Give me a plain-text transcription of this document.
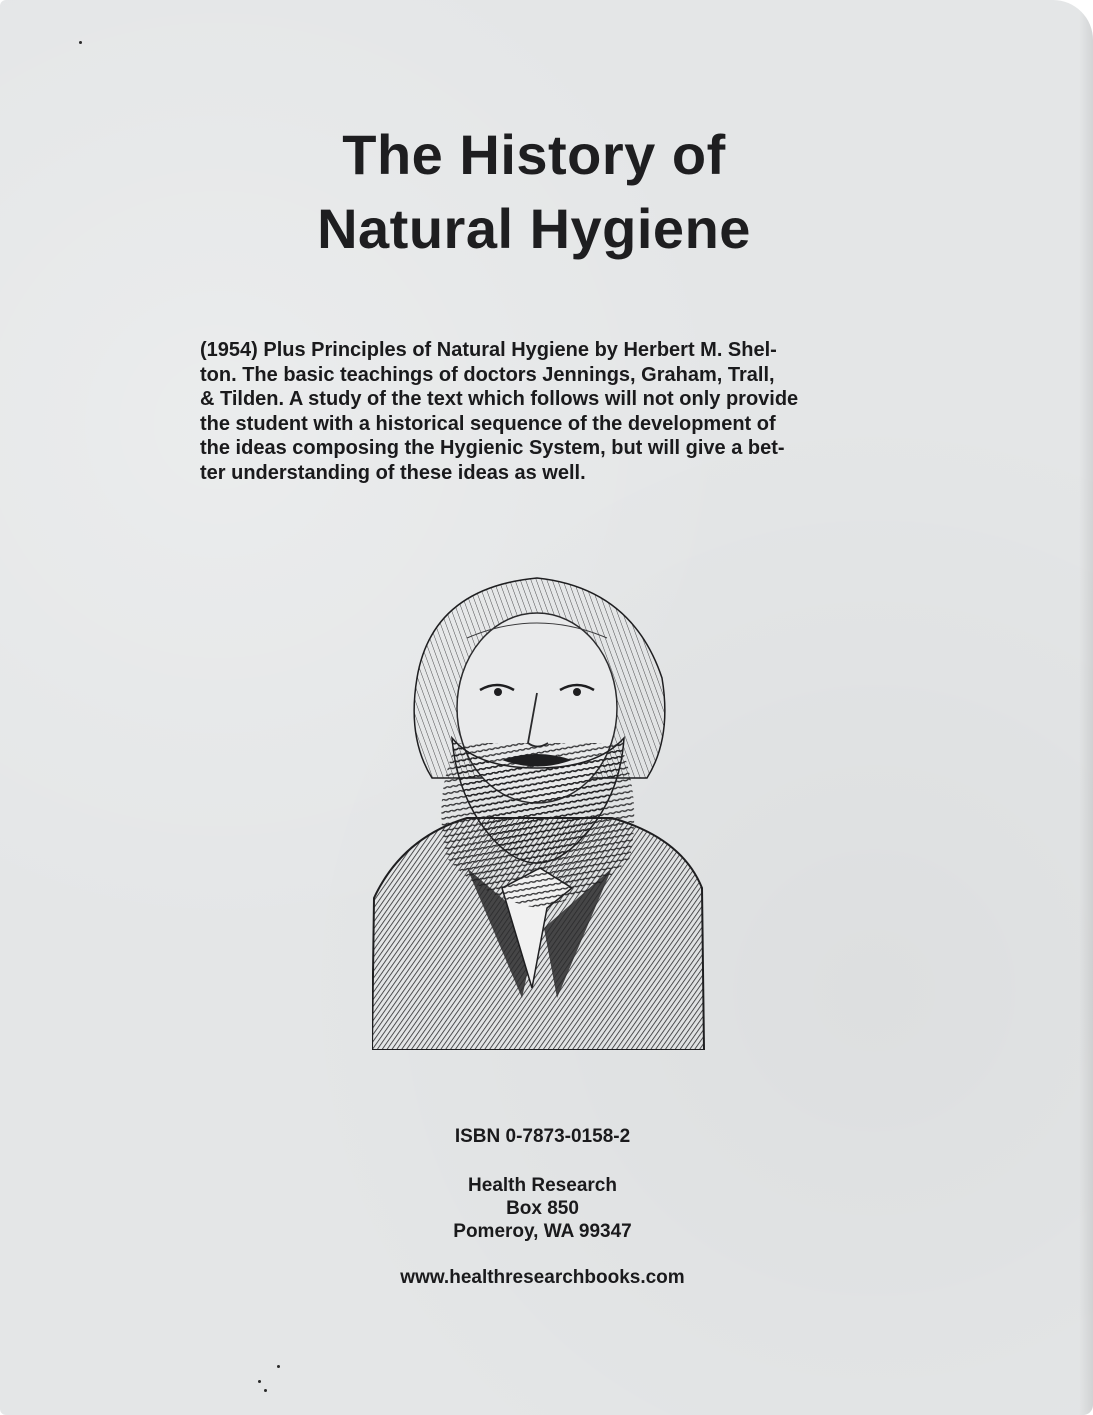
The History of
Natural Hygiene
(1954) Plus Principles of Natural Hygiene by Herbert M. Shel-
ton. The basic teachings of doctors Jennings, Graham, Trall,
& Tilden. A study of the text which follows will not only provide
the student with a historical sequence of the development of
the ideas composing the Hygienic System, but will give a bet-
ter understanding of these ideas as well.
ISBN 0-7873-0158-2
Health Research
Box 850
Pomeroy, WA 99347
www.healthresearchbooks.com
